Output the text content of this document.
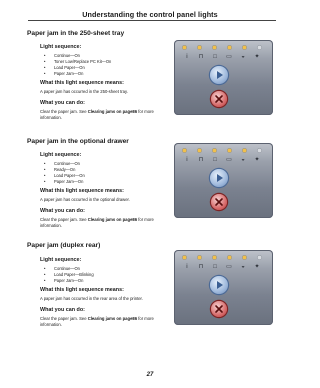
Understanding the control panel lights
Paper jam in the 250-sheet tray
Light sequence:
• Continue—On
• Toner Low/Replace PC Kit—On
• Load Paper—On
• Paper Jam—On
What this light sequence means:
A paper jam has occurred in the 250-sheet tray.
What you can do:
Clear the paper jam. See Clearing jams on page86 for more information.
ⅰ	⊓	□	▭	◒	✦
Paper jam in the optional drawer
Light sequence:
• Continue—On
• Ready—On
• Load Paper—On
• Paper Jam—On
What this light sequence means:
A paper jam has occurred in the optional drawer.
What you can do:
Clear the paper jam. See Clearing jams on page86 for more information.
ⅰ	⊓	□	▭	◒	✦
Paper jam (duplex rear)
Light sequence:
• Continue—On
• Load Paper—Blinking
• Paper Jam—On
What this light sequence means:
A paper jam has occurred in the rear area of the printer.
What you can do:
Clear the paper jam. See Clearing jams on page86 for more information.
ⅰ	⊓	□	▭	◒	✦
27
